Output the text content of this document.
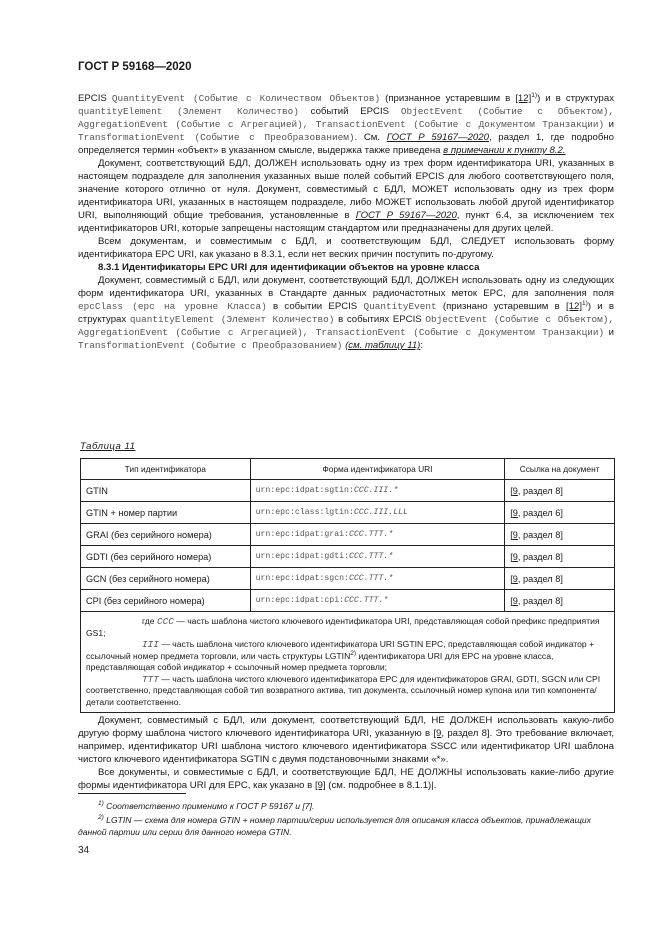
ГОСТ Р 59168—2020

EPCIS QuantityEvent (Событие с Количеством Объектов) (признанное устаревшим в $[12]^{1)}$) и в структурах quantityElement (Элемент Количество) событий EPCIS ObjectEvent (Событие с Объектом), AggregationEvent (Событие с Агрегацией), TransactionEvent (Событие с Документом Транзакции) и TransformationEvent (Событие с Преобразованием). См. ГОСТ Р 59167—2020, раздел 1, где подробно определяется термин «объект» в указанном смысле, выдержка также приведена в примечании к пункту 8.2.

Документ, соответствующий БДЛ, ДОЛЖЕН использовать одну из трех форм идентификатора URI, указанных в настоящем подразделе для заполнения указанных выше полей событий EPCIS для любого соответствующего поля, значение которого отлично от нуля. Документ, совместимый с БДЛ, МОЖЕТ использовать одну из трех форм идентификатора URI, указанных в настоящем подразделе, либо МОЖЕТ использовать любой другой идентификатор URI, выполняющий общие требования, установленные в ГОСТ Р 59167—2020, пункт 6.4, за исключением тех идентификаторов URI, которые запрещены настоящим стандартом или предназначены для других целей.

Всем документам, и совместимым с БДЛ, и соответствующим БДЛ, СЛЕДУЕТ использовать форму идентификатора EPC URI, как указано в 8.3.1, если нет веских причин поступить по-другому.

8.3.1 Идентификаторы EPC URI для идентификации объектов на уровне класса

Документ, совместимый с БДЛ, или документ, соответствующий БДЛ, ДОЛЖЕН использовать одну из следующих форм идентификатора URI, указанных в Стандарте данных радиочастотных меток EPC, для заполнения поля epcClass (epc на уровне Класса) в событии EPCIS QuantityEvent (признано устаревшим в $[12]^{1)}$) и в структурах quantityElement (Элемент Количество) в событиях EPCIS ObjectEvent (Событие с Объектом), AggregationEvent (Событие с Агрегацией), TransactionEvent (Событие с Документом Транзакции) и TransformationEvent (Событие с Преобразованием) (см. таблицу 11):

Таблица 11
Тип идентификатора	Форма идентификатора URI	Ссылка на документ
GTIN	urn:epc:idpat:sgtin:CCC.III.*	[9, раздел 8]
GTIN + номер партии	urn:epc:class:lgtin:CCC.III.LLL	[9, раздел 6]
GRAI (без серийного номера)	urn:epc:idpat:grai:CCC.TTT.*	[9, раздел 8]
GDTI (без серийного номера)	urn:epc:idpat:gdti:CCC.TTT.*	[9, раздел 8]
GCN (без серийного номера)	urn:epc:idpat:sgcn:CCC.TTT.*	[9, раздел 8]
CPI (без серийного номера)	urn:epc:idpat:cpi:CCC.TTT.*	[9, раздел 8]

где CCC — часть шаблона чистого ключевого идентификатора URI, представляющая собой префикс предприятия GS1;

III — часть шаблона чистого ключевого идентификатора URI SGTIN EPC, представляющая собой индикатор + ссылочный номер предмета торговли, или часть структуры LGTIN$^{2)}$ идентификатора URI для EPC на уровне класса, представляющая собой индикатор + ссылочный номер предмета торговли;

TTT — часть шаблона чистого ключевого идентификатора EPC для идентификаторов GRAI, GDTI, SGCN или CPI соответственно, представляющая собой тип возвратного актива, тип документа, ссылочный номер купона или тип компонента/детали соответственно.		

Документ, совместимый с БДЛ, или документ, соответствующий БДЛ, НЕ ДОЛЖЕН использовать какую-либо другую форму шаблона чистого ключевого идентификатора URI, указанную в [9, раздел 8]. Это требование включает, например, идентификатор URI шаблона чистого ключевого идентификатора SSCC или идентификатор URI шаблона чистого ключевого идентификатора SGTIN с двумя подстановочными знаками «*».

Все документы, и совместимые с БДЛ, и соответствующие БДЛ, НЕ ДОЛЖНЫ использовать какие-либо другие формы идентификатора URI для EPC, как указано в [9] (см. подробнее в 8.1.1)|.

$^{1)}$ Соответственно применимо к ГОСТ Р 59167 и [7].
$^{2)}$ LGTIN — схема для номера GTIN + номер партии/серии используется для описания класса объектов, принадлежащих данной партии или серии для данного номера GTIN.
34
